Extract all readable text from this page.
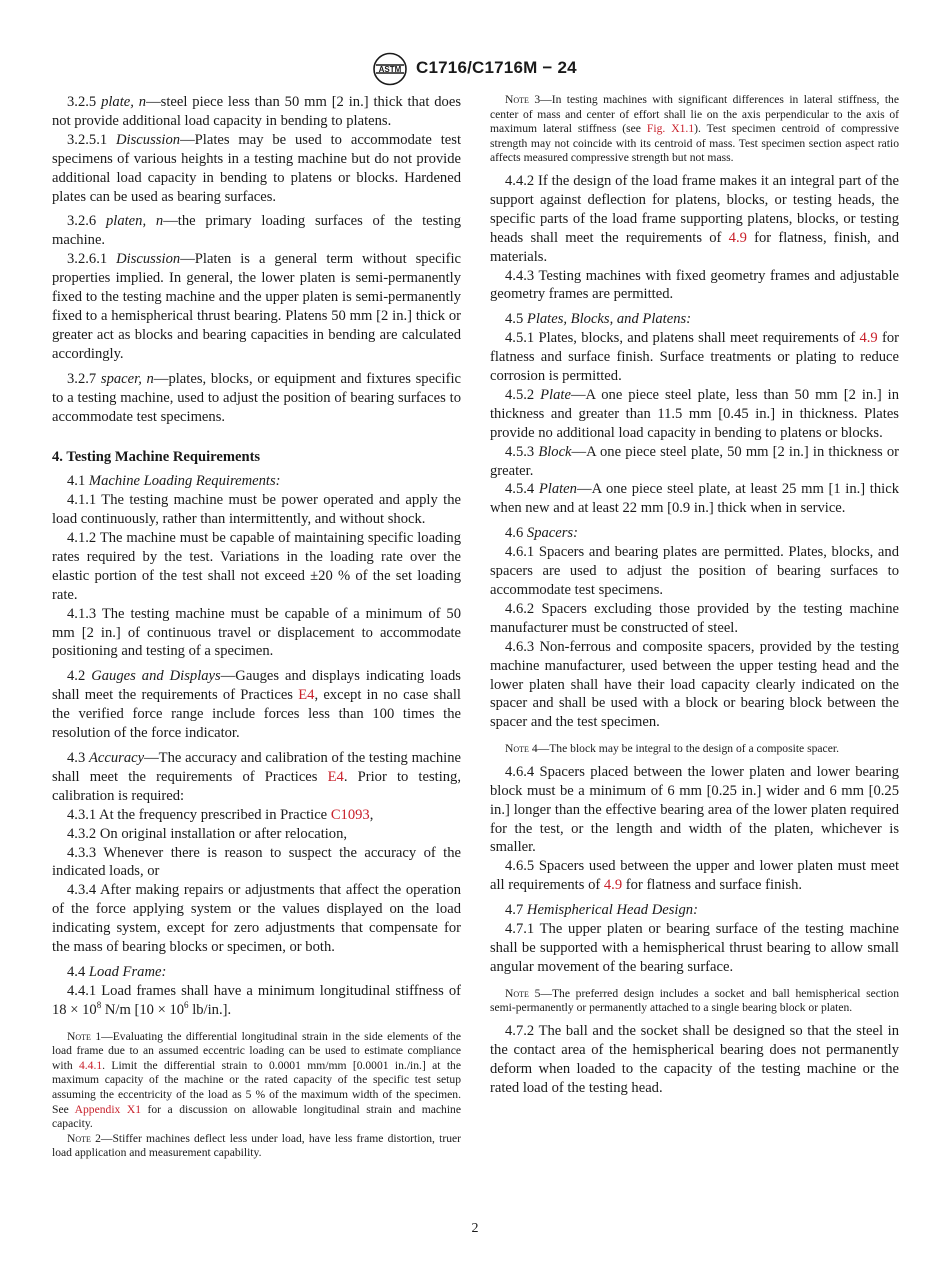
ASTM C1716/C1716M − 24

3.2.5 plate, n—steel piece less than 50 mm [2 in.] thick that does not provide additional load capacity in bending to platens.

3.2.5.1 Discussion—Plates may be used to accommodate test specimens of various heights in a testing machine but do not provide additional load capacity in bending to platens or blocks. Hardened plates can be used as bearing surfaces.

3.2.6 platen, n—the primary loading surfaces of the testing machine.

3.2.6.1 Discussion—Platen is a general term without specific properties implied. In general, the lower platen is semi-permanently fixed to the testing machine and the upper platen is semi-permanently fixed to a hemispherical thrust bearing. Platens 50 mm [2 in.] thick or greater act as blocks and bearing capacities in bending are calculated accordingly.

3.2.7 spacer, n—plates, blocks, or equipment and fixtures specific to a testing machine, used to adjust the position of bearing surfaces to accommodate test specimens.

4. Testing Machine Requirements

4.1 Machine Loading Requirements:

4.1.1 The testing machine must be power operated and apply the load continuously, rather than intermittently, and without shock.

4.1.2 The machine must be capable of maintaining specific loading rates required by the test. Variations in the loading rate over the elastic portion of the test shall not exceed ±20 % of the set loading rate.

4.1.3 The testing machine must be capable of a minimum of 50 mm [2 in.] of continuous travel or displacement to accommodate positioning and testing of a specimen.

4.2 Gauges and Displays—Gauges and displays indicating loads shall meet the requirements of Practices E4, except in no case shall the verified force range include forces less than 100 times the resolution of the force indicator.

4.3 Accuracy—The accuracy and calibration of the testing machine shall meet the requirements of Practices E4. Prior to testing, calibration is required:

4.3.1 At the frequency prescribed in Practice C1093,

4.3.2 On original installation or after relocation,

4.3.3 Whenever there is reason to suspect the accuracy of the indicated loads, or

4.3.4 After making repairs or adjustments that affect the operation of the force applying system or the values displayed on the load indicating system, except for zero adjustments that compensate for the mass of bearing blocks or specimen, or both.

4.4 Load Frame:

4.4.1 Load frames shall have a minimum longitudinal stiffness of $18 \times 10^8$ N/m [$10 \times 10^6$ lb/in.].

Note 1—Evaluating the differential longitudinal strain in the side elements of the load frame due to an assumed eccentric loading can be used to estimate compliance with 4.4.1. Limit the differential strain to 0.0001 mm/mm [0.0001 in./in.] at the maximum capacity of the machine or the rated capacity of the specific test setup assuming the eccentricity of the load as 5 % of the maximum width of the specimen. See Appendix X1 for a discussion on allowable longitudinal strain and machine capacity.

Note 2—Stiffer machines deflect less under load, have less frame distortion, truer load application and measurement capability.

Note 3—In testing machines with significant differences in lateral stiffness, the center of mass and center of effort shall lie on the axis perpendicular to the axis of maximum lateral stiffness (see Fig. X1.1). Test specimen centroid of compressive strength may not coincide with its centroid of mass. Test specimen section aspect ratio affects measured compressive strength but not mass.

4.4.2 If the design of the load frame makes it an integral part of the support against deflection for platens, blocks, or testing heads, the specific parts of the load frame supporting platens, blocks, or testing heads shall meet the requirements of 4.9 for flatness, finish, and materials.

4.4.3 Testing machines with fixed geometry frames and adjustable geometry frames are permitted.

4.5 Plates, Blocks, and Platens:

4.5.1 Plates, blocks, and platens shall meet requirements of 4.9 for flatness and surface finish. Surface treatments or plating to reduce corrosion is permitted.

4.5.2 Plate—A one piece steel plate, less than 50 mm [2 in.] in thickness and greater than 11.5 mm [0.45 in.] in thickness. Plates provide no additional load capacity in bending to platens or blocks.

4.5.3 Block—A one piece steel plate, 50 mm [2 in.] in thickness or greater.

4.5.4 Platen—A one piece steel plate, at least 25 mm [1 in.] thick when new and at least 22 mm [0.9 in.] thick when in service.

4.6 Spacers:

4.6.1 Spacers and bearing plates are permitted. Plates, blocks, and spacers are used to adjust the position of bearing surfaces to accommodate test specimens.

4.6.2 Spacers excluding those provided by the testing machine manufacturer must be constructed of steel.

4.6.3 Non-ferrous and composite spacers, provided by the testing machine manufacturer, used between the upper testing head and the lower platen shall have their load capacity clearly indicated on the spacer and shall be used with a block or bearing block between the spacer and the test specimen.

Note 4—The block may be integral to the design of a composite spacer.

4.6.4 Spacers placed between the lower platen and lower bearing block must be a minimum of 6 mm [0.25 in.] wider and 6 mm [0.25 in.] longer than the effective bearing area of the lower platen required for the test, or the length and width of the platen, whichever is smaller.

4.6.5 Spacers used between the upper and lower platen must meet all requirements of 4.9 for flatness and surface finish.

4.7 Hemispherical Head Design:

4.7.1 The upper platen or bearing surface of the testing machine shall be supported with a hemispherical thrust bearing to allow small angular movement of the bearing surface.

Note 5—The preferred design includes a socket and ball hemispherical section semi-permanently or permanently attached to a single bearing block or platen.

4.7.2 The ball and the socket shall be designed so that the steel in the contact area of the hemispherical bearing does not permanently deform when loaded to the capacity of the testing machine or the rated load of the testing head.

2
